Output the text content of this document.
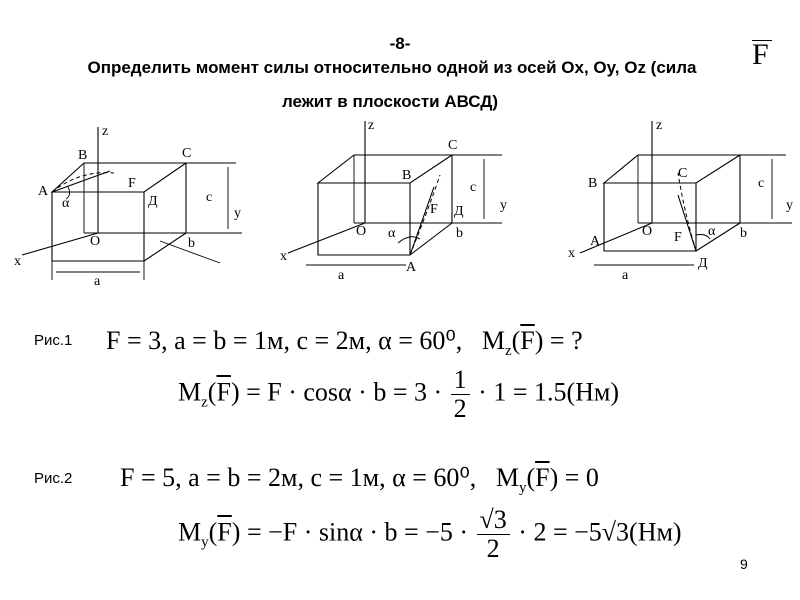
-8-
Определить момент силы относительно одной из осей Ох, Оу, Оz (сила
лежит в плоскости АВСД)
F
z
y
x
B	C
A
Д
O
α
F
a
b
c
z
y
x
B
C
A
Д
O α
F
a
b
c
z
y
x
B
C
A
Д
O	α
F
a
b
c
Рис.1 F = 3, a = b = 1м, c = 2м, α = 60⁰, $M_z(\overline{F})$ = ?
$M_z(\overline{F}) = F \cdot \cos\alpha \cdot b = 3 \cdot \frac{1}{2} \cdot 1 = 1.5(Нм)$
Рис.2 F = 5, a = b = 2м, c = 1м, α = 60⁰, $M_y(\overline{F}) = 0$
$M_y(\overline{F}) = -F \cdot \sin\alpha \cdot b = -5 \cdot \frac{√3}{2} \cdot 2 = -5√3(Нм)$
9
